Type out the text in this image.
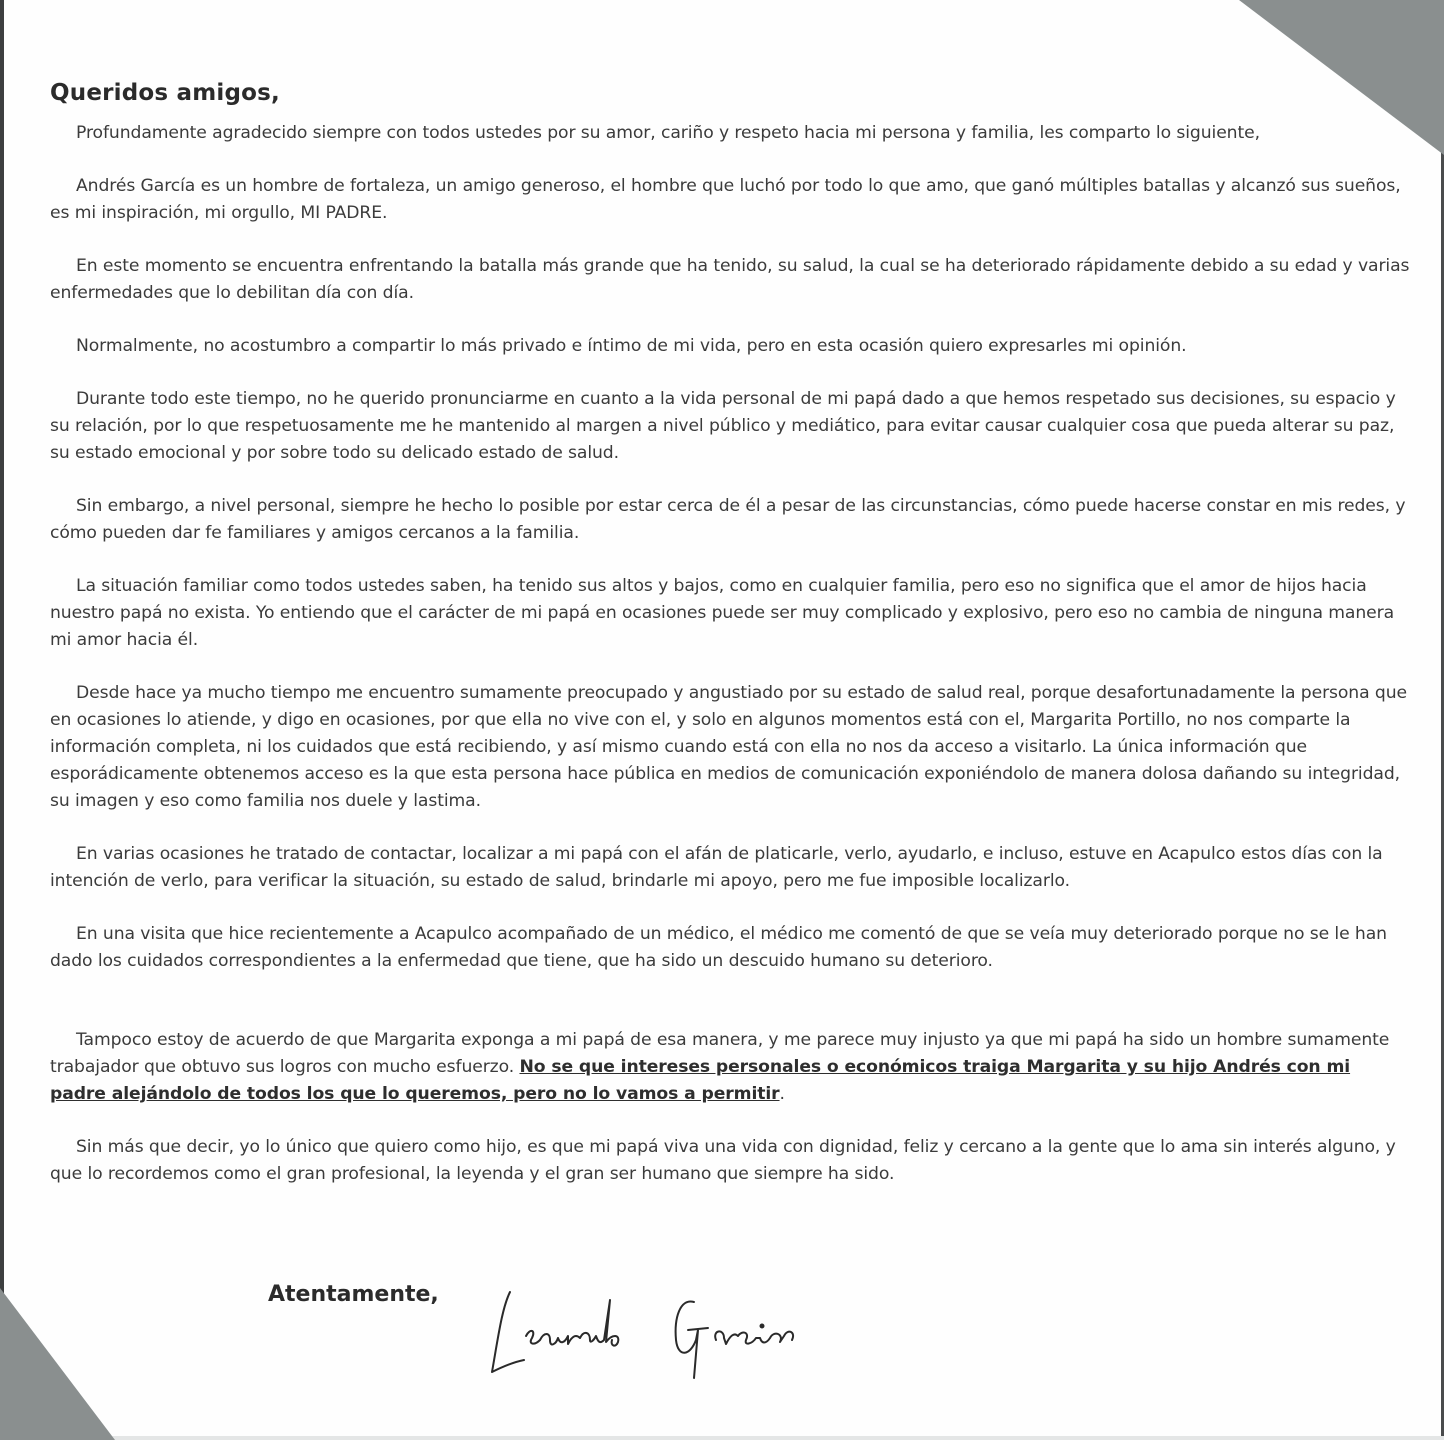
Queridos amigos,

Profundamente agradecido siempre con todos ustedes por su amor, cariño y respeto hacia mi persona y familia, les comparto lo siguiente,

Andrés García es un hombre de fortaleza, un amigo generoso, el hombre que luchó por todo lo que amo, que ganó múltiples batallas y alcanzó sus sueños, es mi inspiración, mi orgullo, MI PADRE.

En este momento se encuentra enfrentando la batalla más grande que ha tenido, su salud, la cual se ha deteriorado rápidamente debido a su edad y varias enfermedades que lo debilitan día con día.

Normalmente, no acostumbro a compartir lo más privado e íntimo de mi vida, pero en esta ocasión quiero expresarles mi opinión.

Durante todo este tiempo, no he querido pronunciarme en cuanto a la vida personal de mi papá dado a que hemos respetado sus decisiones, su espacio y su relación, por lo que respetuosamente me he mantenido al margen a nivel público y mediático, para evitar causar cualquier cosa que pueda alterar su paz, su estado emocional y por sobre todo su delicado estado de salud.

Sin embargo, a nivel personal, siempre he hecho lo posible por estar cerca de él a pesar de las circunstancias, cómo puede hacerse constar en mis redes, y cómo pueden dar fe familiares y amigos cercanos a la familia.

La situación familiar como todos ustedes saben, ha tenido sus altos y bajos, como en cualquier familia, pero eso no significa que el amor de hijos hacia nuestro papá no exista. Yo entiendo que el carácter de mi papá en ocasiones puede ser muy complicado y explosivo, pero eso no cambia de ninguna manera mi amor hacia él.

Desde hace ya mucho tiempo me encuentro sumamente preocupado y angustiado por su estado de salud real, porque desafortunadamente la persona que en ocasiones lo atiende, y digo en ocasiones, por que ella no vive con el, y solo en algunos momentos está con el, Margarita Portillo, no nos comparte la información completa, ni los cuidados que está recibiendo, y así mismo cuando está con ella no nos da acceso a visitarlo. La única información que esporádicamente obtenemos acceso es la que esta persona hace pública en medios de comunicación exponiéndolo de manera dolosa dañando su integridad, su imagen y eso como familia nos duele y lastima.

En varias ocasiones he tratado de contactar, localizar a mi papá con el afán de platicarle, verlo, ayudarlo, e incluso, estuve en Acapulco estos días con la intención de verlo, para verificar la situación, su estado de salud, brindarle mi apoyo, pero me fue imposible localizarlo.

En una visita que hice recientemente a Acapulco acompañado de un médico, el médico me comentó de que se veía muy deteriorado porque no se le han dado los cuidados correspondientes a la enfermedad que tiene, que ha sido un descuido humano su deterioro.

Tampoco estoy de acuerdo de que Margarita exponga a mi papá de esa manera, y me parece muy injusto ya que mi papá ha sido un hombre sumamente trabajador que obtuvo sus logros con mucho esfuerzo. No se que intereses personales o económicos traiga Margarita y su hijo Andrés con mi padre alejándolo de todos los que lo queremos, pero no lo vamos a permitir.

Sin más que decir, yo lo único que quiero como hijo, es que mi papá viva una vida con dignidad, feliz y cercano a la gente que lo ama sin interés alguno, y que lo recordemos como el gran profesional, la leyenda y el gran ser humano que siempre ha sido.

Atentamente,
